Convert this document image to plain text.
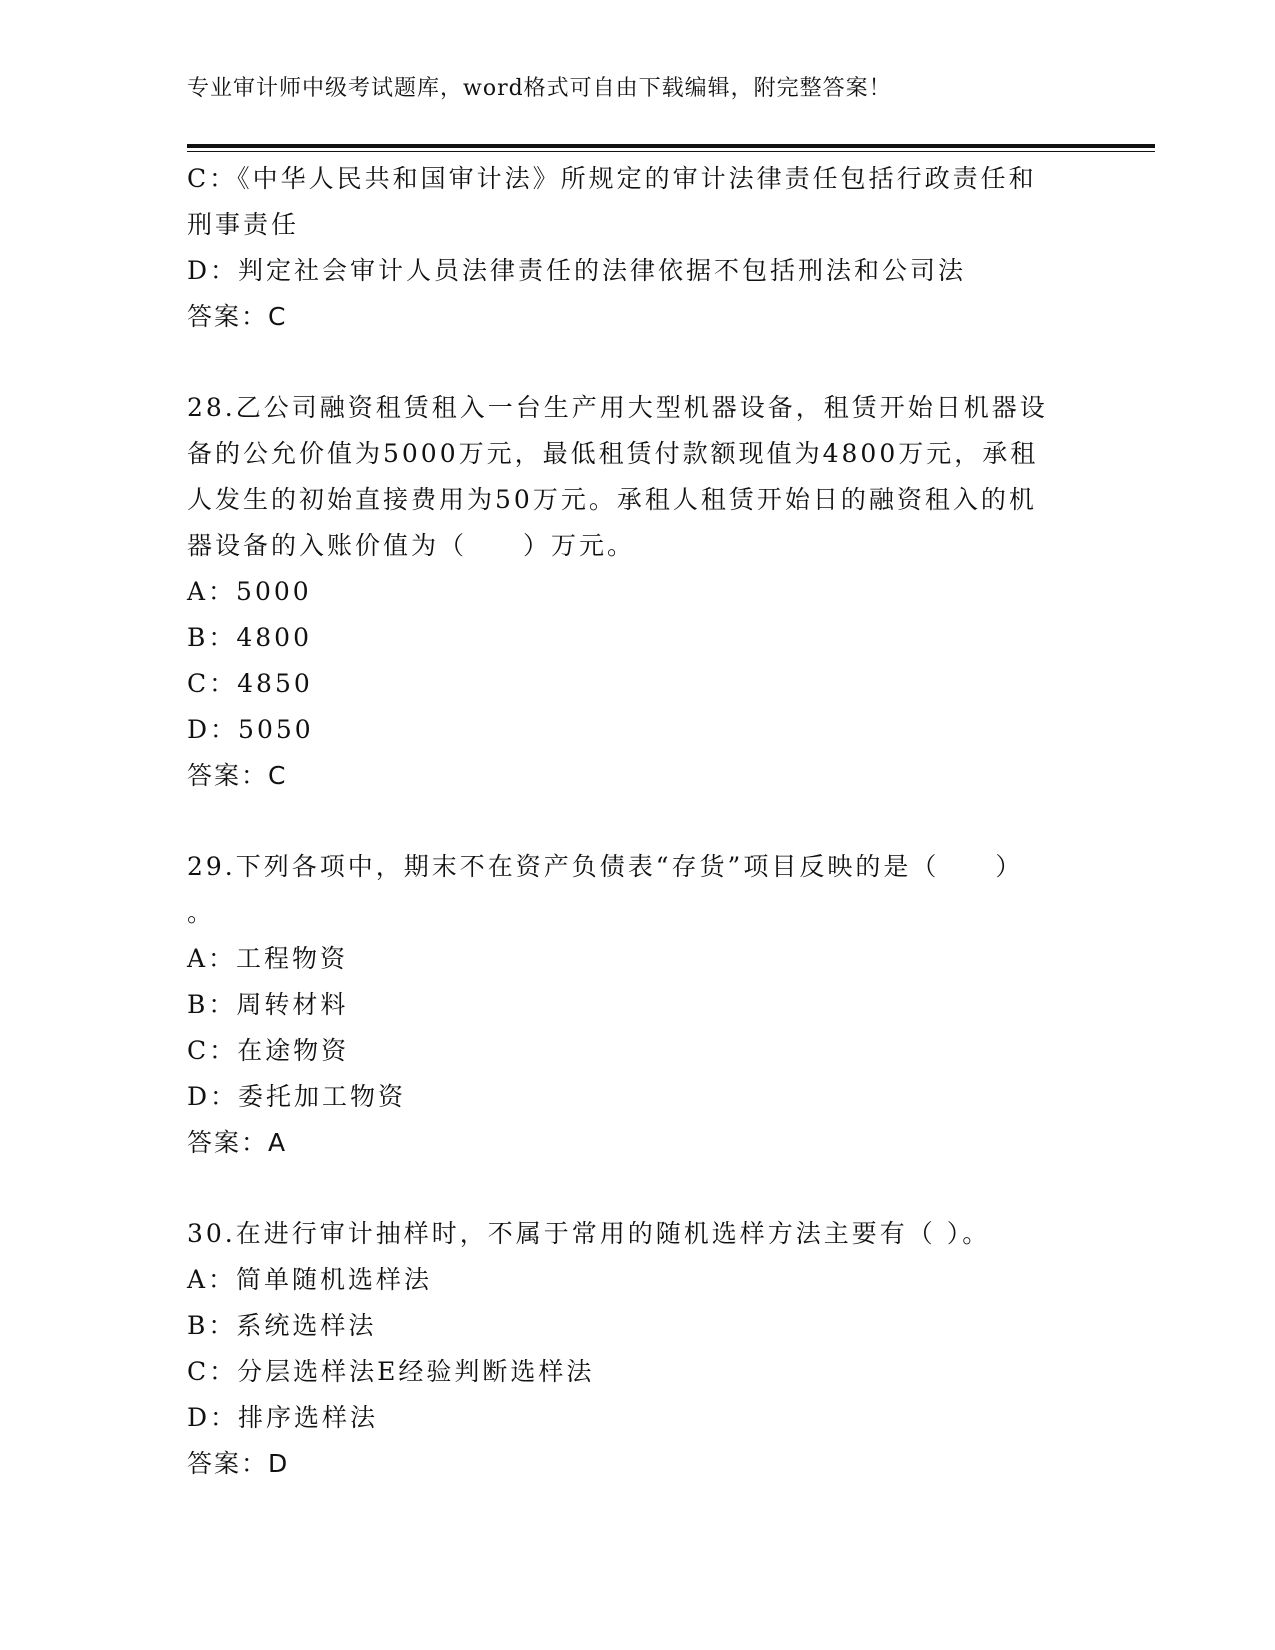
专业审计师中级考试题库，word格式可自由下载编辑，附完整答案！
C：《中华人民共和国审计法》所规定的审计法律责任包括行政责任和
刑事责任
D：判定社会审计人员法律责任的法律依据不包括刑法和公司法
答案：C
28.乙公司融资租赁租入一台生产用大型机器设备，租赁开始日机器设
备的公允价值为5000万元，最低租赁付款额现值为4800万元，承租
人发生的初始直接费用为50万元。承租人租赁开始日的融资租入的机
器设备的入账价值为（　　）万元。
A：5000
B：4800
C：4850
D：5050
答案：C
29.下列各项中，期末不在资产负债表“存货”项目反映的是（　　）
。
A：工程物资
B：周转材料
C：在途物资
D：委托加工物资
答案：A
30.在进行审计抽样时，不属于常用的随机选样方法主要有（ ）。
A：简单随机选样法
B：系统选样法
C：分层选样法E经验判断选样法
D：排序选样法
答案：D
